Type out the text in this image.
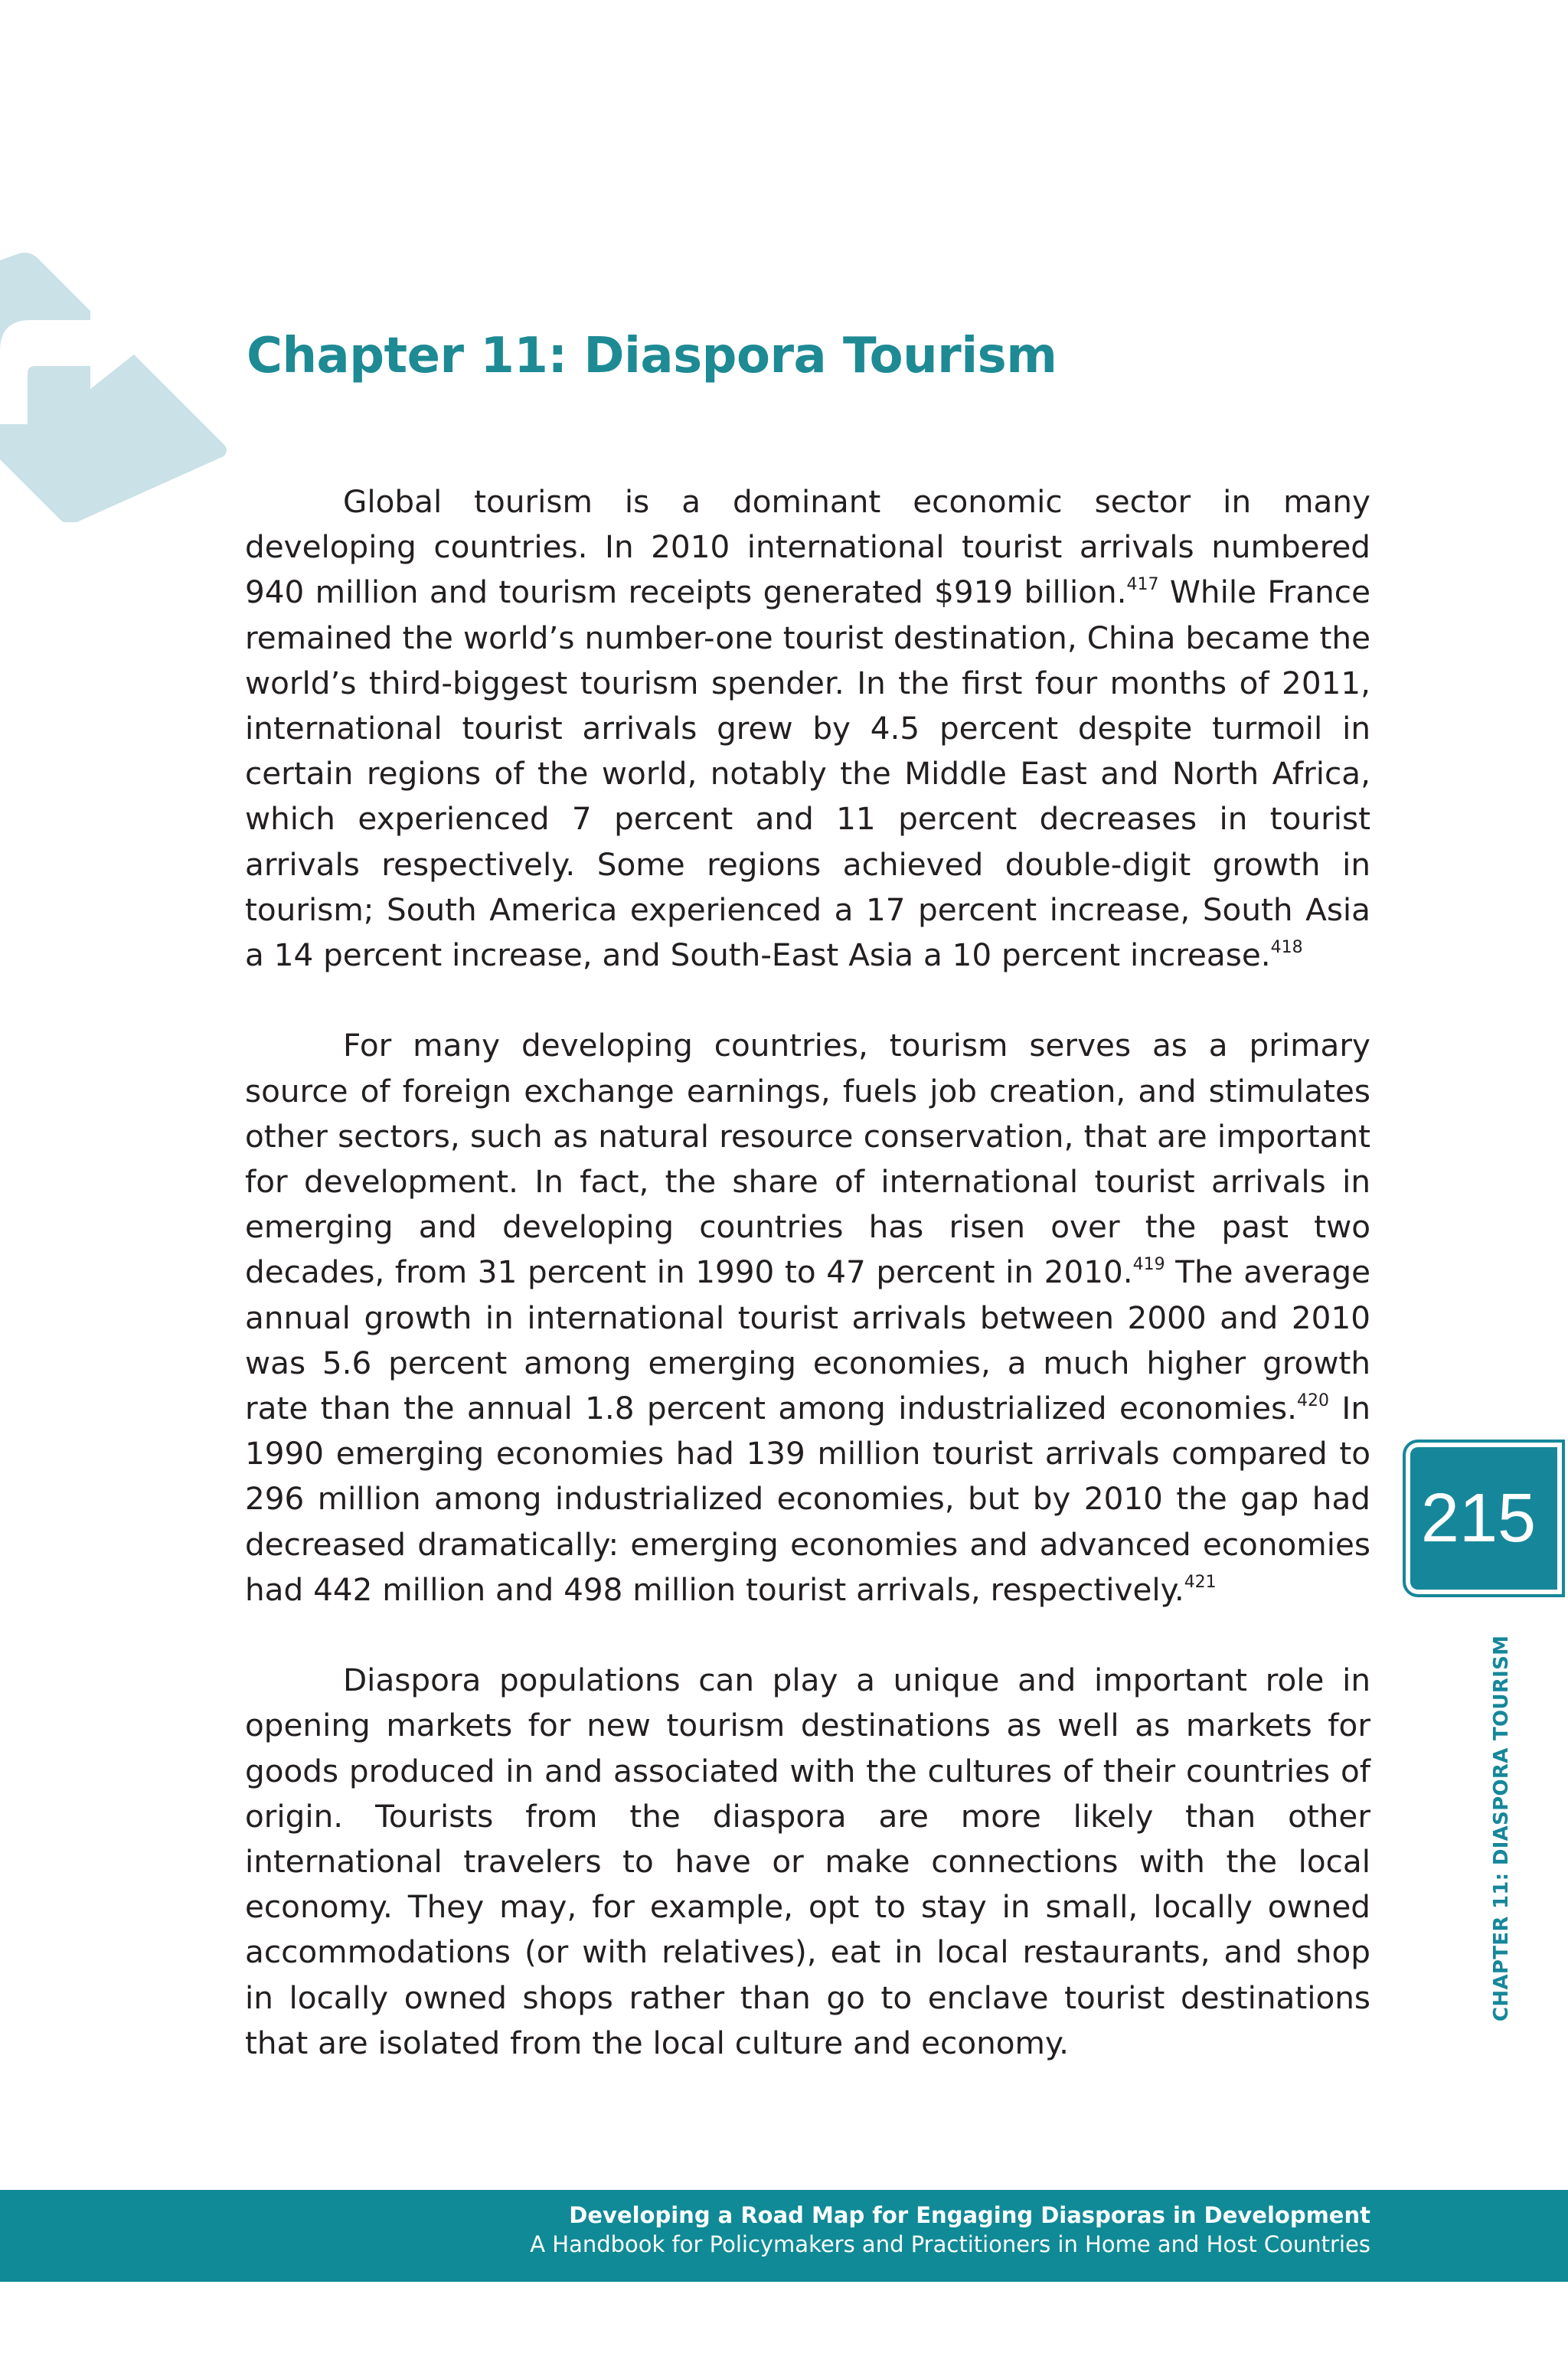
Chapter 11: Diaspora Tourism

Global tourism is a dominant economic sector in many developing countries. In 2010 international tourist arrivals numbered 940 million and tourism receipts generated $919 billion.$^{417}$ While France remained the world’s number-one tourist destination, China became the world’s third-biggest tourism spender. In the first four months of 2011, international tourist arrivals grew by 4.5 percent despite turmoil in certain regions of the world, notably the Middle East and North Africa, which experienced 7 percent and 11 percent decreases in tourist arrivals respectively. Some regions achieved double-digit growth in tourism; South America experienced a 17 percent increase, South Asia a 14 percent increase, and South-East Asia a 10 percent increase.$^{418}$

For many developing countries, tourism serves as a primary source of foreign exchange earnings, fuels job creation, and stimulates other sectors, such as natural resource conservation, that are important for development. In fact, the share of international tourist arrivals in emerging and developing countries has risen over the past two decades, from 31 percent in 1990 to 47 percent in 2010.$^{419}$ The average annual growth in international tourist arrivals between 2000 and 2010 was 5.6 percent among emerging economies, a much higher growth rate than the annual 1.8 percent among industrialized economies.$^{420}$ In 1990 emerging economies had 139 million tourist arrivals compared to 296 million among industrialized economies, but by 2010 the gap had decreased dramatically: emerging economies and advanced economies had 442 million and 498 million tourist arrivals, respectively.$^{421}$

Diaspora populations can play a unique and important role in opening markets for new tourism destinations as well as markets for goods produced in and associated with the cultures of their countries of origin. Tourists from the diaspora are more likely than other international travelers to have or make connections with the local economy. They may, for example, opt to stay in small, locally owned accommodations (or with relatives), eat in local restaurants, and shop in locally owned shops rather than go to enclave tourist destinations that are isolated from the local culture and economy.

215
CHAPTER 11: DIASPORA TOURISM
Developing a Road Map for Engaging Diasporas in Development
A Handbook for Policymakers and Practitioners in Home and Host Countries
